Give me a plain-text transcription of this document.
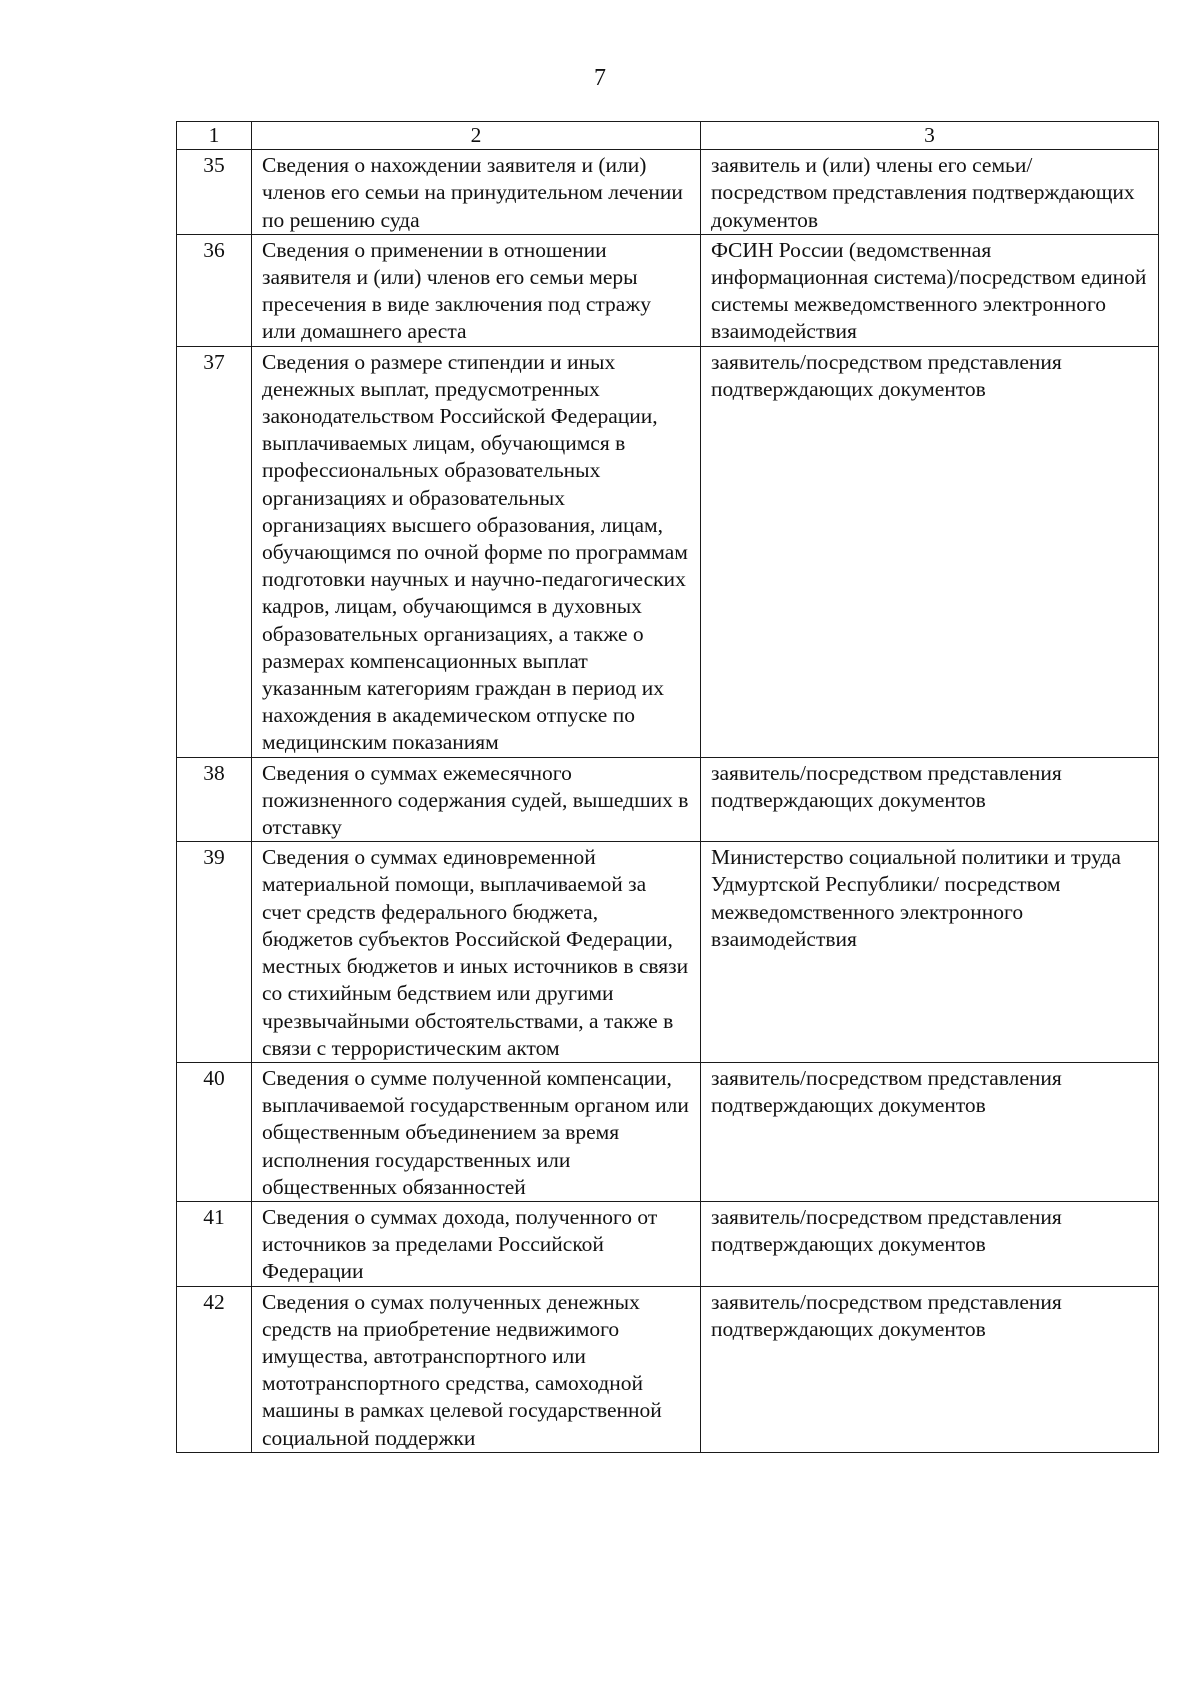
7
1	2	3
35	Сведения о нахождении заявителя и (или) членов его семьи на принудительном лечении по решению суда	заявитель и (или) члены его семьи/посредством представления подтверждающих документов
36	Сведения о применении в отношении заявителя и (или) членов его семьи меры пресечения в виде заключения под стражу или домашнего ареста	ФСИН России (ведомственная информационная система)/посредством единой системы межведомственного электронного взаимодействия
37	Сведения о размере стипендии и иных денежных выплат, предусмотренных законодательством Российской Федерации, выплачиваемых лицам, обучающимся в профессиональных образовательных организациях и образовательных организациях высшего образования, лицам, обучающимся по очной форме по программам подготовки научных и научно-педагогических кадров, лицам, обучающимся в духовных образовательных организациях, а также о размерах компенсационных выплат указанным категориям граждан в период их нахождения в академическом отпуске по медицинским показаниям	заявитель/посредством представления подтверждающих документов
38	Сведения о суммах ежемесячного пожизненного содержания судей, вышедших в отставку	заявитель/посредством представления подтверждающих документов
39	Сведения о суммах единовременной материальной помощи, выплачиваемой за счет средств федерального бюджета, бюджетов субъектов Российской Федерации, местных бюджетов и иных источников в связи со стихийным бедствием или другими чрезвычайными обстоятельствами, а также в связи с террористическим актом	Министерство социальной политики и труда Удмуртской Республики/ посредством межведомственного электронного взаимодействия
40	Сведения о сумме полученной компенсации, выплачиваемой государственным органом или общественным объединением за время исполнения государственных или общественных обязанностей	заявитель/посредством представления подтверждающих документов
41	Сведения о суммах дохода, полученного от источников за пределами Российской Федерации	заявитель/посредством представления подтверждающих документов
42	Сведения о сумах полученных денежных средств на приобретение недвижимого имущества, автотранспортного или мототранспортного средства, самоходной машины в рамках целевой государственной социальной поддержки	заявитель/посредством представления подтверждающих документов
